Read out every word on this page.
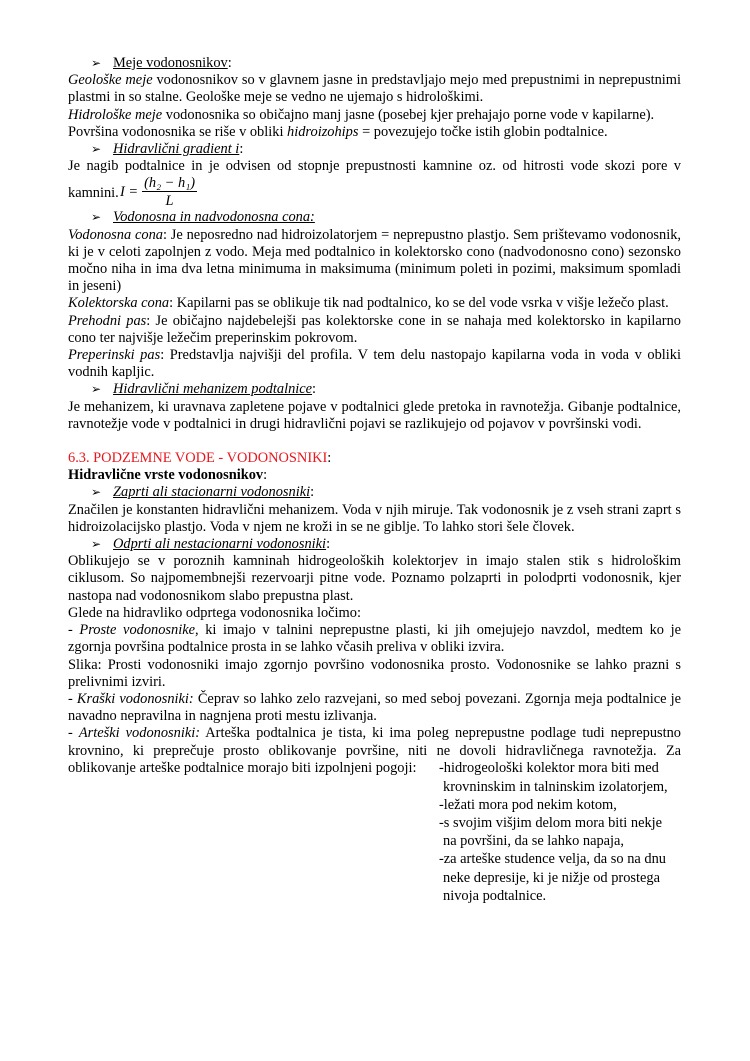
➢ Meje vodonosnikov:

Geološke meje vodonosnikov so v glavnem jasne in predstavljajo mejo med prepustnimi in neprepustnimi plastmi in so stalne. Geološke meje se vedno ne ujemajo s hidrološkimi.

Hidrološke meje vodonosnika so običajno manj jasne (posebej kjer prehajajo porne vode v kapilarne).

Površina vodonosnika se riše v obliki hidroizohips = povezujejo točke istih globin podtalnice.

➢ Hidravlični gradient i:

Je nagib podtalnice in je odvisen od stopnje prepustnosti kamnine oz. od hitrosti vode skozi pore v

kamnini. $I = \frac{\text{(h₂ − h₁)}}{L}$

➢ Vodonosna in nadvodonosna cona:

Vodonosna cona: Je neposredno nad hidroizolatorjem = neprepustno plastjo. Sem prištevamo vodonosnik, ki je v celoti zapolnjen z vodo. Meja med podtalnico in kolektorsko cono (nadvodonosno cono) sezonsko močno niha in ima dva letna minimuma in maksimuma (minimum poleti in pozimi, maksimum spomladi in jeseni)

Kolektorska cona: Kapilarni pas se oblikuje tik nad podtalnico, ko se del vode vsrka v višje ležečo plast.

Prehodni pas: Je običajno najdebelejši pas kolektorske cone in se nahaja med kolektorsko in kapilarno cono ter najvišje ležečim preperinskim pokrovom.

Preperinski pas: Predstavlja najvišji del profila. V tem delu nastopajo kapilarna voda in voda v obliki vodnih kapljic.

➢ Hidravlični mehanizem podtalnice:

Je mehanizem, ki uravnava zapletene pojave v podtalnici glede pretoka in ravnotežja. Gibanje podtalnice, ravnotežje vode v podtalnici in drugi hidravlični pojavi se razlikujejo od pojavov v površinski vodi.

6.3. PODZEMNE VODE - VODONOSNIKI:

Hidravlične vrste vodonosnikov:

➢ Zaprti ali stacionarni vodonosniki:

Značilen je konstanten hidravlični mehanizem. Voda v njih miruje. Tak vodonosnik je z vseh strani zaprt s hidroizolacijsko plastjo. Voda v njem ne kroži in se ne giblje. To lahko stori šele človek.

➢ Odprti ali nestacionarni vodonosniki:

Oblikujejo se v poroznih kamninah hidrogeoloških kolektorjev in imajo stalen stik s hidrološkim ciklusom. So najpomembnejši rezervoarji pitne vode. Poznamo polzaprti in polodprti vodonosnik, kjer nastopa nad vodonosnikom slabo prepustna plast.

Glede na hidravliko odprtega vodonosnika ločimo:

- Proste vodonosnike, ki imajo v talnini neprepustne plasti, ki jih omejujejo navzdol, medtem ko je zgornja površina podtalnice prosta in se lahko včasih preliva v obliki izvira.

Slika: Prosti vodonosniki imajo zgornjo površino vodonosnika prosto. Vodonosnike se lahko prazni s prelivnimi izviri.

- Kraški vodonosniki: Čeprav so lahko zelo razvejani, so med seboj povezani. Zgornja meja podtalnice je navadno nepravilna in nagnjena proti mestu izlivanja.

- Arteški vodonosniki: Arteška podtalnica je tista, ki ima poleg neprepustne podlage tudi neprepustno krovnino, ki preprečuje prosto oblikovanje površine, niti ne dovoli hidravličnega ravnotežja. Za oblikovanje arteške podtalnice morajo biti izpolnjeni pogoji:	-hidrogeološki kolektor mora biti med
krovninskim in talninskim izolatorjem,
-ležati mora pod nekim kotom,
-s svojim višjim delom mora biti nekje
na površini, da se lahko napaja,
-za arteške studence velja, da so na dnu
neke depresije, ki je nižje od prostega
nivoja podtalnice.
